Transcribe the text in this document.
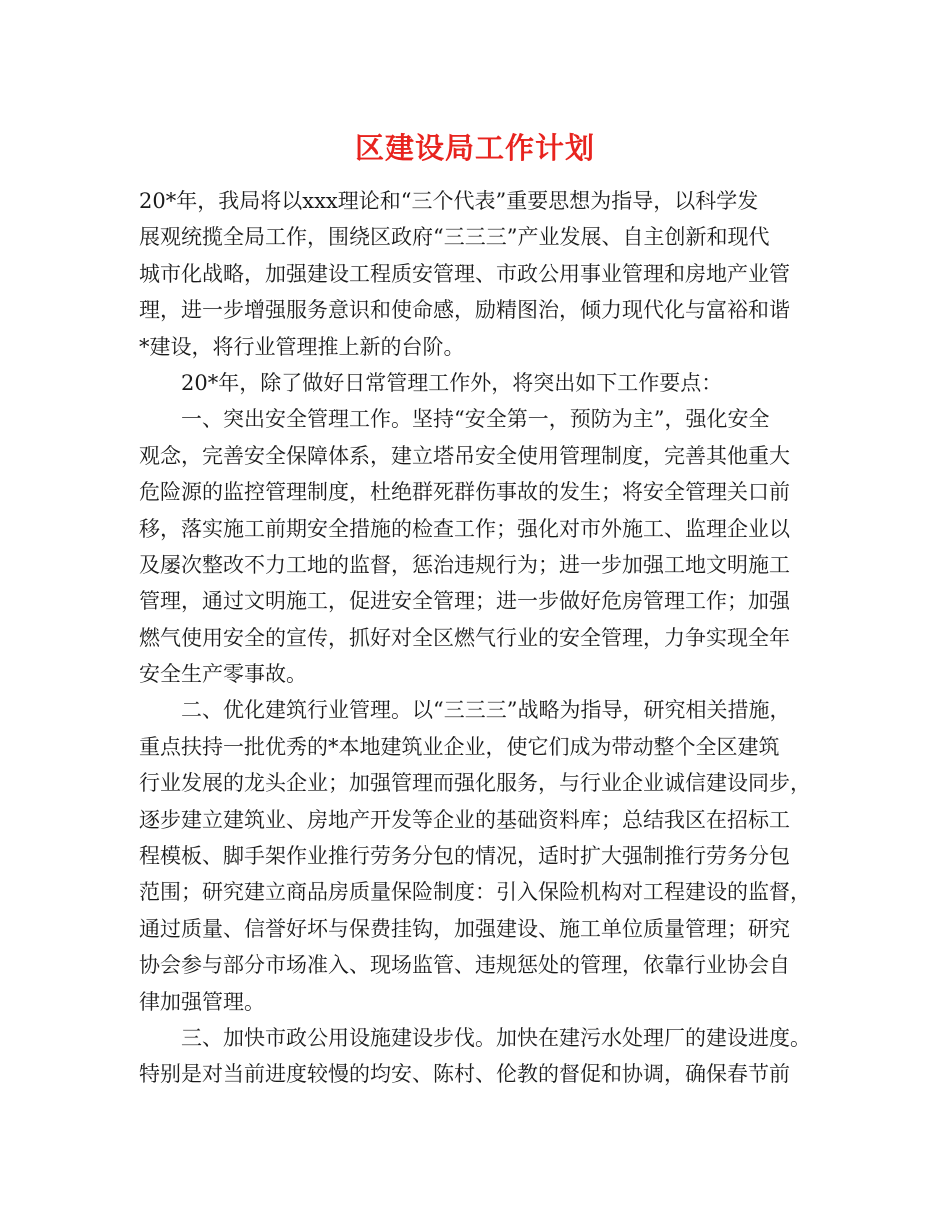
区建设局工作计划
20*年，我局将以xxx理论和“三个代表”重要思想为指导，以科学发
展观统揽全局工作，围绕区政府“三三三”产业发展、自主创新和现代
城市化战略，加强建设工程质安管理、市政公用事业管理和房地产业管
理，进一步增强服务意识和使命感，励精图治，倾力现代化与富裕和谐
*建设，将行业管理推上新的台阶。
20*年，除了做好日常管理工作外，将突出如下工作要点：
一、突出安全管理工作。坚持“安全第一，预防为主”，强化安全
观念，完善安全保障体系，建立塔吊安全使用管理制度，完善其他重大
危险源的监控管理制度，杜绝群死群伤事故的发生；将安全管理关口前
移，落实施工前期安全措施的检查工作；强化对市外施工、监理企业以
及屡次整改不力工地的监督，惩治违规行为；进一步加强工地文明施工
管理，通过文明施工，促进安全管理；进一步做好危房管理工作；加强
燃气使用安全的宣传，抓好对全区燃气行业的安全管理，力争实现全年
安全生产零事故。
二、优化建筑行业管理。以“三三三”战略为指导，研究相关措施，
重点扶持一批优秀的*本地建筑业企业，使它们成为带动整个全区建筑
行业发展的龙头企业；加强管理而强化服务，与行业企业诚信建设同步，
逐步建立建筑业、房地产开发等企业的基础资料库；总结我区在招标工
程模板、脚手架作业推行劳务分包的情况，适时扩大强制推行劳务分包
范围；研究建立商品房质量保险制度：引入保险机构对工程建设的监督，
通过质量、信誉好坏与保费挂钩，加强建设、施工单位质量管理；研究
协会参与部分市场准入、现场监管、违规惩处的管理，依靠行业协会自
律加强管理。
三、加快市政公用设施建设步伐。加快在建污水处理厂的建设进度。
特别是对当前进度较慢的均安、陈村、伦教的督促和协调，确保春节前
